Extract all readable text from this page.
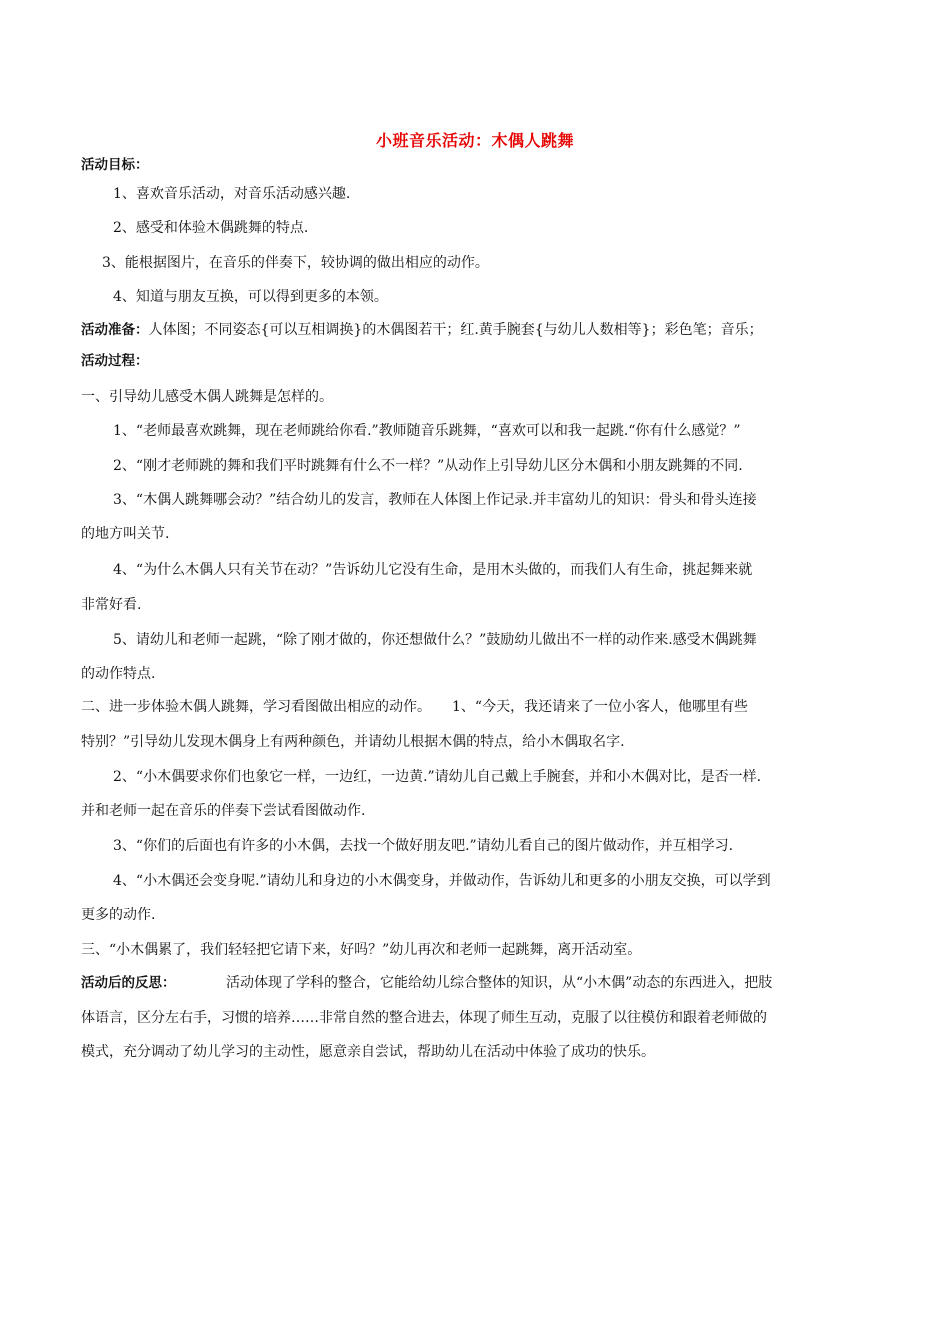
小班音乐活动：木偶人跳舞
活动目标：
1、喜欢音乐活动，对音乐活动感兴趣.
2、感受和体验木偶跳舞的特点.
3、能根据图片，在音乐的伴奏下，较协调的做出相应的动作。
4、知道与朋友互换，可以得到更多的本领。
活动准备：人体图；不同姿态{可以互相调换}的木偶图若干；红.黄手腕套{与幼儿人数相等}；彩色笔；音乐；
活动过程：
一、引导幼儿感受木偶人跳舞是怎样的。
1、“老师最喜欢跳舞，现在老师跳给你看.”教师随音乐跳舞，“喜欢可以和我一起跳.“你有什么感觉？”
2、“刚才老师跳的舞和我们平时跳舞有什么不一样？”从动作上引导幼儿区分木偶和小朋友跳舞的不同.
3、“木偶人跳舞哪会动？”结合幼儿的发言，教师在人体图上作记录.并丰富幼儿的知识：骨头和骨头连接
的地方叫关节.
4、“为什么木偶人只有关节在动？”告诉幼儿它没有生命，是用木头做的，而我们人有生命，挑起舞来就
非常好看.
5、请幼儿和老师一起跳，“除了刚才做的，你还想做什么？”鼓励幼儿做出不一样的动作来.感受木偶跳舞
的动作特点.
二、进一步体验木偶人跳舞，学习看图做出相应的动作。　　1、“今天，我还请来了一位小客人，他哪里有些
特别？”引导幼儿发现木偶身上有两种颜色，并请幼儿根据木偶的特点，给小木偶取名字.
2、“小木偶要求你们也象它一样，一边红，一边黄.”请幼儿自己戴上手腕套，并和小木偶对比，是否一样.
并和老师一起在音乐的伴奏下尝试看图做动作.
3、“你们的后面也有许多的小木偶，去找一个做好朋友吧.”请幼儿看自己的图片做动作，并互相学习.
4、“小木偶还会变身呢.”请幼儿和身边的小木偶变身，并做动作，告诉幼儿和更多的小朋友交换，可以学到
更多的动作.
三、“小木偶累了，我们轻轻把它请下来，好吗？”幼儿再次和老师一起跳舞，离开活动室。
活动后的反思：	活动体现了学科的整合，它能给幼儿综合整体的知识，从“小木偶”动态的东西进入，把肢
体语言，区分左右手，习惯的培养……非常自然的整合进去，体现了师生互动，克服了以往模仿和跟着老师做的
模式，充分调动了幼儿学习的主动性，愿意亲自尝试，帮助幼儿在活动中体验了成功的快乐。
